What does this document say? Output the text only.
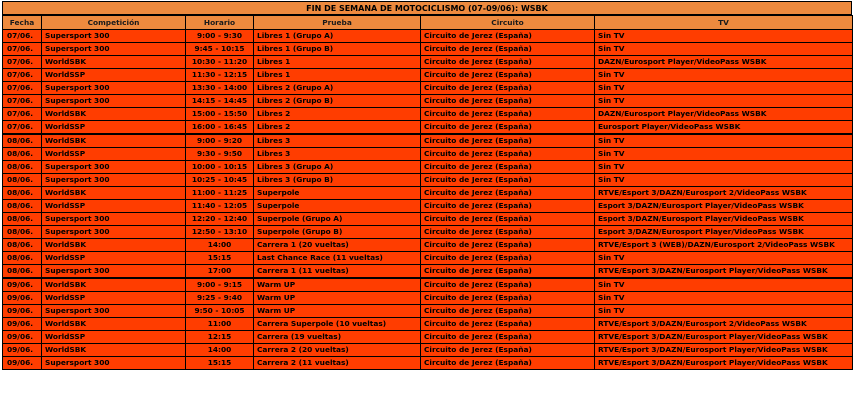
FIN DE SEMANA DE MOTOCICLISMO (07-09/06): WSBK
Fecha	Competición	Horario	Prueba	Circuito	TV
07/06.	Supersport 300	9:00 - 9:30	Libres 1 (Grupo A)	Circuito de Jerez (España)	Sin TV
07/06.	Supersport 300	9:45 - 10:15	Libres 1 (Grupo B)	Circuito de Jerez (España)	Sin TV
07/06.	WorldSBK	10:30 - 11:20	Libres 1	Circuito de Jerez (España)	DAZN/Eurosport Player/VideoPass WSBK
07/06.	WorldSSP	11:30 - 12:15	Libres 1	Circuito de Jerez (España)	Sin TV
07/06.	Supersport 300	13:30 - 14:00	Libres 2 (Grupo A)	Circuito de Jerez (España)	Sin TV
07/06.	Supersport 300	14:15 - 14:45	Libres 2 (Grupo B)	Circuito de Jerez (España)	Sin TV
07/06.	WorldSBK	15:00 - 15:50	Libres 2	Circuito de Jerez (España)	DAZN/Eurosport Player/VideoPass WSBK
07/06.	WorldSSP	16:00 - 16:45	Libres 2	Circuito de Jerez (España)	Eurosport Player/VideoPass WSBK
08/06.	WorldSBK	9:00 - 9:20	Libres 3	Circuito de Jerez (España)	Sin TV
08/06.	WorldSSP	9:30 - 9:50	Libres 3	Circuito de Jerez (España)	Sin TV
08/06.	Supersport 300	10:00 - 10:15	Libres 3 (Grupo A)	Circuito de Jerez (España)	Sin TV
08/06.	Supersport 300	10:25 - 10:45	Libres 3 (Grupo B)	Circuito de Jerez (España)	Sin TV
08/06.	WorldSBK	11:00 - 11:25	Superpole	Circuito de Jerez (España)	RTVE/Esport 3/DAZN/Eurosport 2/VideoPass WSBK
08/06.	WorldSSP	11:40 - 12:05	Superpole	Circuito de Jerez (España)	Esport 3/DAZN/Eurosport Player/VideoPass WSBK
08/06.	Supersport 300	12:20 - 12:40	Superpole (Grupo A)	Circuito de Jerez (España)	Esport 3/DAZN/Eurosport Player/VideoPass WSBK
08/06.	Supersport 300	12:50 - 13:10	Superpole (Grupo B)	Circuito de Jerez (España)	Esport 3/DAZN/Eurosport Player/VideoPass WSBK
08/06.	WorldSBK	14:00	Carrera 1 (20 vueltas)	Circuito de Jerez (España)	RTVE/Esport 3 (WEB)/DAZN/Eurosport 2/VideoPass WSBK
08/06.	WorldSSP	15:15	Last Chance Race (11 vueltas)	Circuito de Jerez (España)	Sin TV
08/06.	Supersport 300	17:00	Carrera 1 (11 vueltas)	Circuito de Jerez (España)	RTVE/Esport 3/DAZN/Eurosport Player/VideoPass WSBK
09/06.	WorldSBK	9:00 - 9:15	Warm UP	Circuito de Jerez (España)	Sin TV
09/06.	WorldSSP	9:25 - 9:40	Warm UP	Circuito de Jerez (España)	Sin TV
09/06.	Supersport 300	9:50 - 10:05	Warm UP	Circuito de Jerez (España)	Sin TV
09/06.	WorldSBK	11:00	Carrera Superpole (10 vueltas)	Circuito de Jerez (España)	RTVE/Esport 3/DAZN/Eurosport 2/VideoPass WSBK
09/06.	WorldSSP	12:15	Carrera (19 vueltas)	Circuito de Jerez (España)	RTVE/Esport 3/DAZN/Eurosport Player/VideoPass WSBK
09/06.	WorldSBK	14:00	Carrera 2 (20 vueltas)	Circuito de Jerez (España)	RTVE/Esport 3/DAZN/Eurosport Player/VideoPass WSBK
09/06.	Supersport 300	15:15	Carrera 2 (11 vueltas)	Circuito de Jerez (España)	RTVE/Esport 3/DAZN/Eurosport Player/VideoPass WSBK
